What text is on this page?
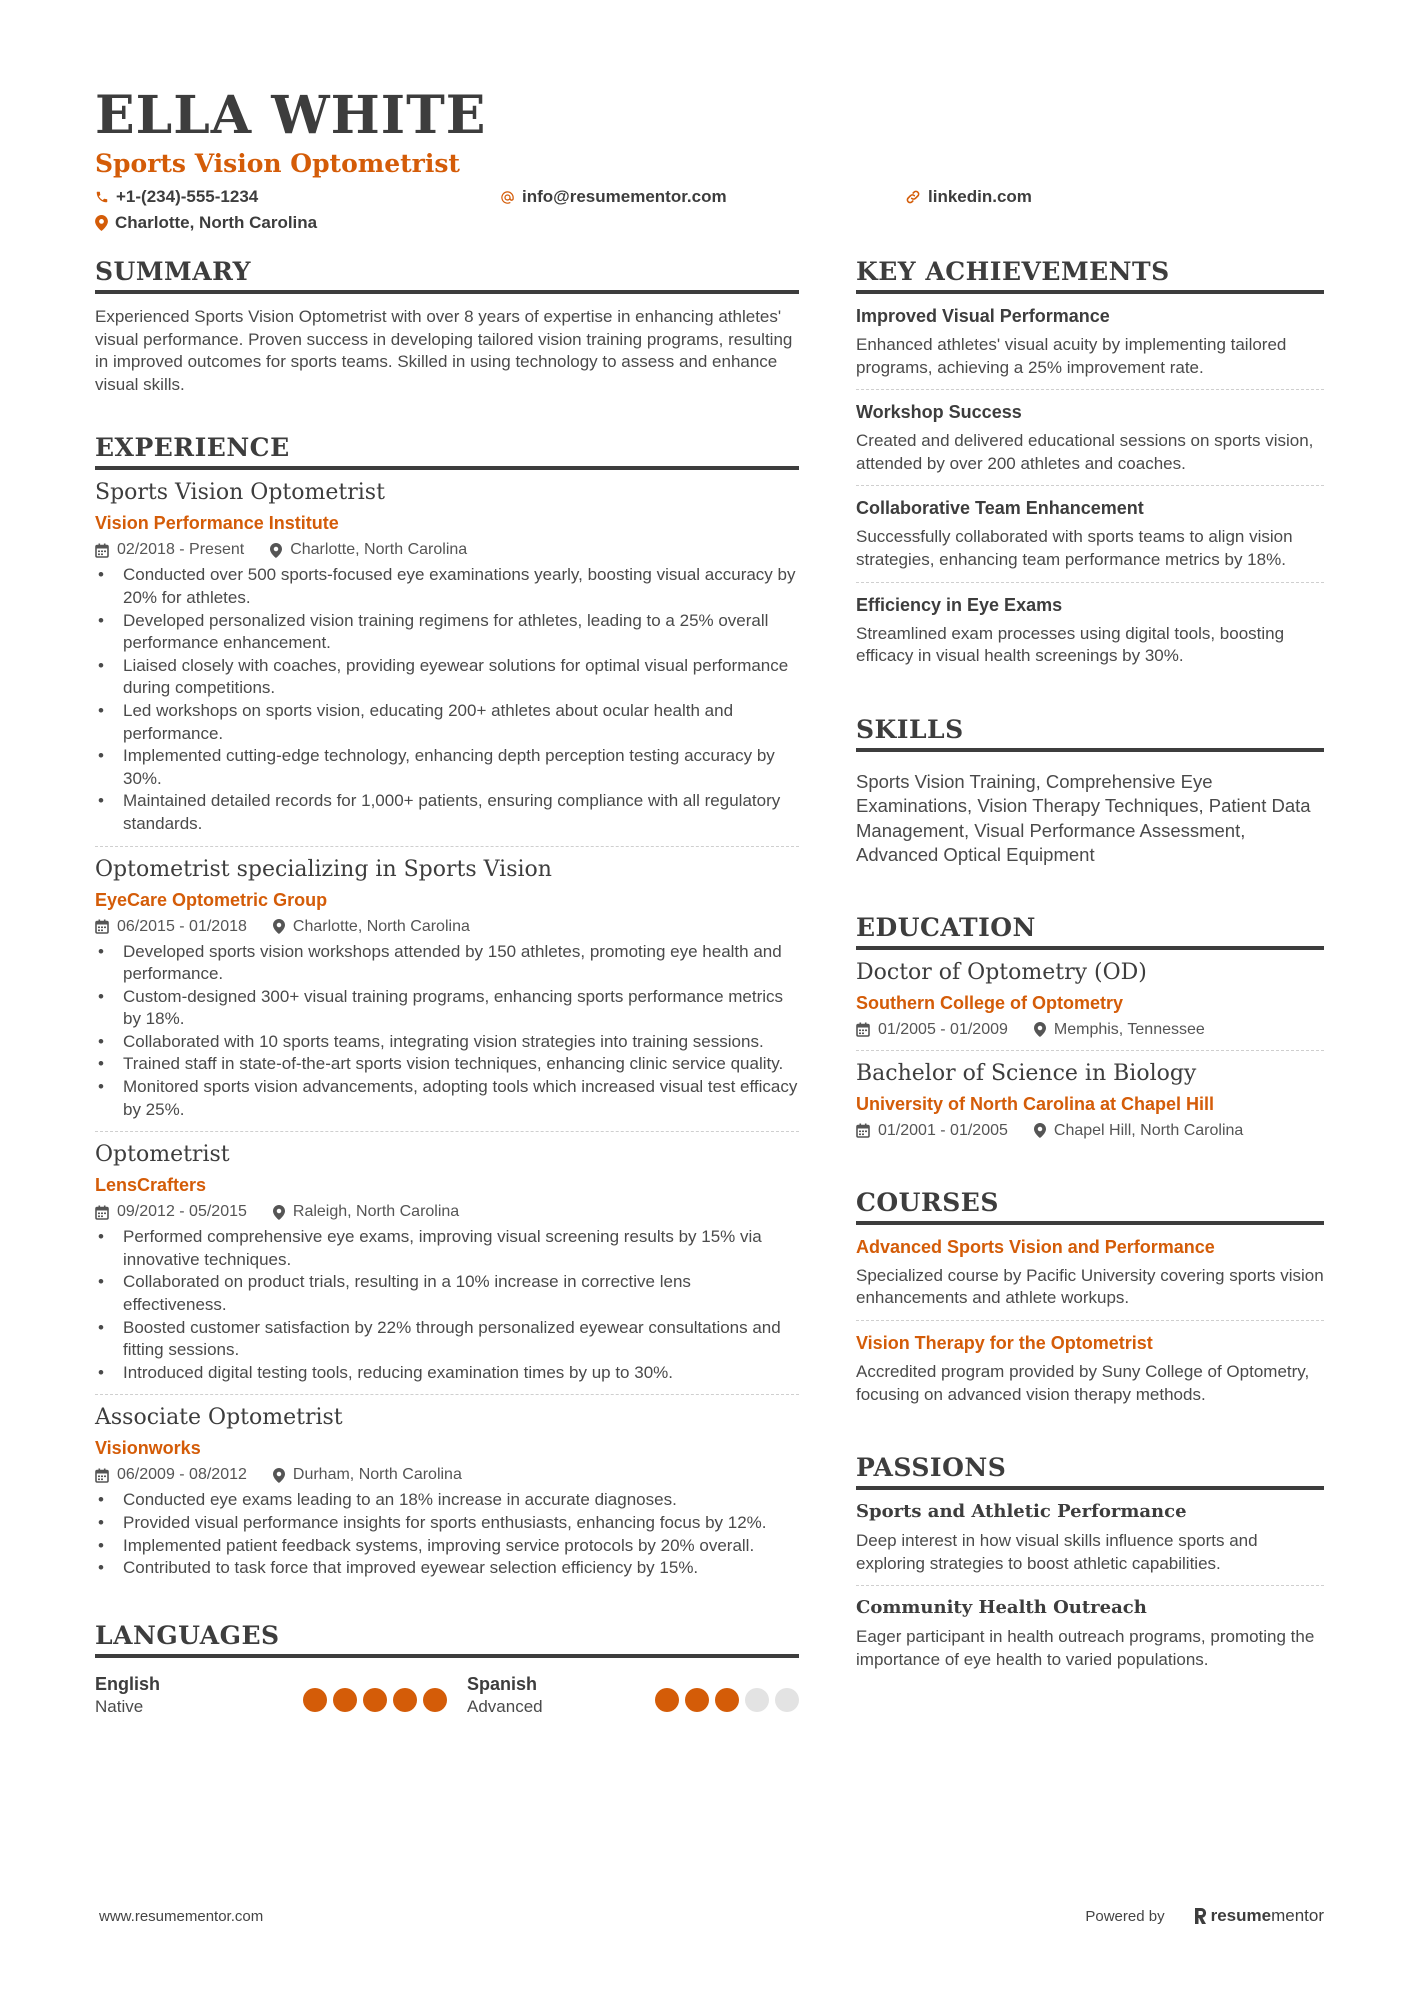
ELLA WHITE
Sports Vision Optometrist
+1-(234)-555-1234	info@resumementor.com	linkedin.com
Charlotte, North Carolina
SUMMARY
Experienced Sports Vision Optometrist with over 8 years of expertise in enhancing athletes' visual performance. Proven success in developing tailored vision training programs, resulting in improved outcomes for sports teams. Skilled in using technology to assess and enhance visual skills.
EXPERIENCE
Sports Vision Optometrist
Vision Performance Institute
02/2018 - Present	Charlotte, North Carolina
• Conducted over 500 sports-focused eye examinations yearly, boosting visual accuracy by 20% for athletes.
• Developed personalized vision training regimens for athletes, leading to a 25% overall performance enhancement.
• Liaised closely with coaches, providing eyewear solutions for optimal visual performance during competitions.
• Led workshops on sports vision, educating 200+ athletes about ocular health and performance.
• Implemented cutting-edge technology, enhancing depth perception testing accuracy by 30%.
• Maintained detailed records for 1,000+ patients, ensuring compliance with all regulatory standards.
Optometrist specializing in Sports Vision
EyeCare Optometric Group
06/2015 - 01/2018	Charlotte, North Carolina
• Developed sports vision workshops attended by 150 athletes, promoting eye health and performance.
• Custom-designed 300+ visual training programs, enhancing sports performance metrics by 18%.
• Collaborated with 10 sports teams, integrating vision strategies into training sessions.
• Trained staff in state-of-the-art sports vision techniques, enhancing clinic service quality.
• Monitored sports vision advancements, adopting tools which increased visual test efficacy by 25%.
Optometrist
LensCrafters
09/2012 - 05/2015	Raleigh, North Carolina
• Performed comprehensive eye exams, improving visual screening results by 15% via innovative techniques.
• Collaborated on product trials, resulting in a 10% increase in corrective lens effectiveness.
• Boosted customer satisfaction by 22% through personalized eyewear consultations and fitting sessions.
• Introduced digital testing tools, reducing examination times by up to 30%.
Associate Optometrist
Visionworks
06/2009 - 08/2012	Durham, North Carolina
• Conducted eye exams leading to an 18% increase in accurate diagnoses.
• Provided visual performance insights for sports enthusiasts, enhancing focus by 12%.
• Implemented patient feedback systems, improving service protocols by 20% overall.
• Contributed to task force that improved eyewear selection efficiency by 15%.
LANGUAGES
English
Native
Spanish
Advanced
KEY ACHIEVEMENTS
Improved Visual Performance
Enhanced athletes' visual acuity by implementing tailored programs, achieving a 25% improvement rate.
Workshop Success
Created and delivered educational sessions on sports vision, attended by over 200 athletes and coaches.
Collaborative Team Enhancement
Successfully collaborated with sports teams to align vision strategies, enhancing team performance metrics by 18%.
Efficiency in Eye Exams
Streamlined exam processes using digital tools, boosting efficacy in visual health screenings by 30%.
SKILLS
Sports Vision Training, Comprehensive Eye Examinations, Vision Therapy Techniques, Patient Data Management, Visual Performance Assessment, Advanced Optical Equipment
EDUCATION
Doctor of Optometry (OD)
Southern College of Optometry
01/2005 - 01/2009	Memphis, Tennessee
Bachelor of Science in Biology
University of North Carolina at Chapel Hill
01/2001 - 01/2005	Chapel Hill, North Carolina
COURSES
Advanced Sports Vision and Performance
Specialized course by Pacific University covering sports vision enhancements and athlete workups.
Vision Therapy for the Optometrist
Accredited program provided by Suny College of Optometry, focusing on advanced vision therapy methods.
PASSIONS
Sports and Athletic Performance
Deep interest in how visual skills influence sports and exploring strategies to boost athletic capabilities.
Community Health Outreach
Eager participant in health outreach programs, promoting the importance of eye health to varied populations.
www.resumementor.com	Powered by	resume mentor
